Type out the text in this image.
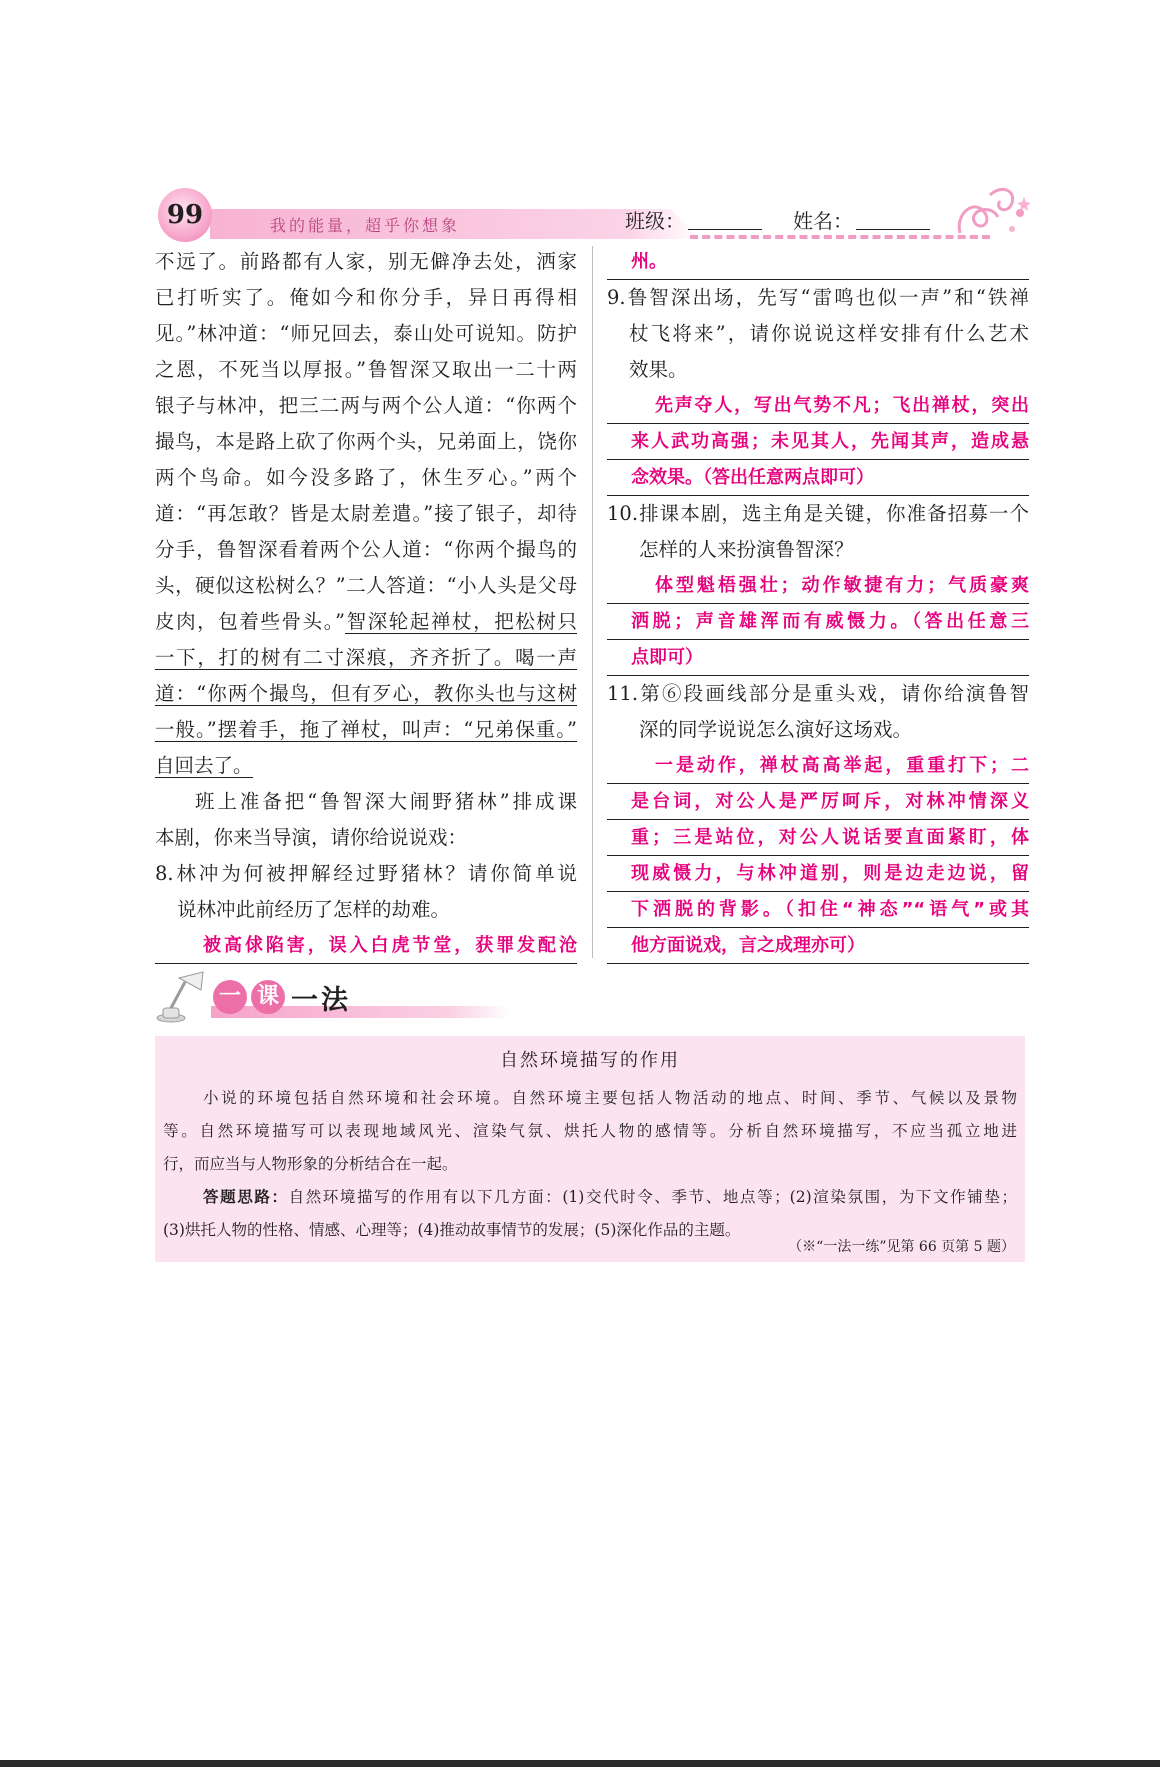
99	我的能量，超乎你想象	班级：	姓名：
不远了。前路都有人家，别无僻净去处，洒家
已打听实了。俺如今和你分手，异日再得相
见。”林冲道：“师兄回去，泰山处可说知。防护
之恩，不死当以厚报。”鲁智深又取出一二十两
银子与林冲，把三二两与两个公人道：“你两个
撮鸟，本是路上砍了你两个头，兄弟面上，饶你
两个鸟命。如今没多路了，休生歹心。”两个
道：“再怎敢？皆是太尉差遣。”接了银子，却待
分手，鲁智深看着两个公人道：“你两个撮鸟的
头，硬似这松树么？”二人答道：“小人头是父母
皮肉，包着些骨头。”智深轮起禅杖，把松树只
一下，打的树有二寸深痕，齐齐折了。喝一声
道：“你两个撮鸟，但有歹心，教你头也与这树
一般。”摆着手，拖了禅杖，叫声：“兄弟保重。”
自回去了。
班上准备把“鲁智深大闹野猪林”排成课
本剧，你来当导演，请你给说说戏：
8.林冲为何被押解经过野猪林？请你简单说
说林冲此前经历了怎样的劫难。
被高俅陷害，误入白虎节堂，获罪发配沧
州。
9.鲁智深出场，先写“雷鸣也似一声”和“铁禅
杖飞将来”，请你说说这样安排有什么艺术
效果。
先声夺人，写出气势不凡；飞出禅杖，突出
来人武功高强；未见其人，先闻其声，造成悬
念效果。（答出任意两点即可）
10.排课本剧，选主角是关键，你准备招募一个
怎样的人来扮演鲁智深？
体型魁梧强壮；动作敏捷有力；气质豪爽
洒脱；声音雄浑而有威慑力。（答出任意三
点即可）
11.第⑥段画线部分是重头戏，请你给演鲁智
深的同学说说怎么演好这场戏。
一是动作，禅杖高高举起，重重打下；二
是台词，对公人是严厉呵斥，对林冲情深义
重；三是站位，对公人说话要直面紧盯，体
现威慑力，与林冲道别，则是边走边说，留
下洒脱的背影。（扣住“神态”“语气”或其
他方面说戏，言之成理亦可）
一 课 一 法
自然环境描写的作用
小说的环境包括自然环境和社会环境。自然环境主要包括人物活动的地点、时间、季节、气候以及景物
等。自然环境描写可以表现地域风光、渲染气氛、烘托人物的感情等。分析自然环境描写，不应当孤立地进
行，而应当与人物形象的分析结合在一起。
答题思路：自然环境描写的作用有以下几方面：(1)交代时令、季节、地点等；(2)渲染氛围，为下文作铺垫；
(3)烘托人物的性格、情感、心理等；(4)推动故事情节的发展；(5)深化作品的主题。
（※“一法一练”见第 66 页第 5 题）
